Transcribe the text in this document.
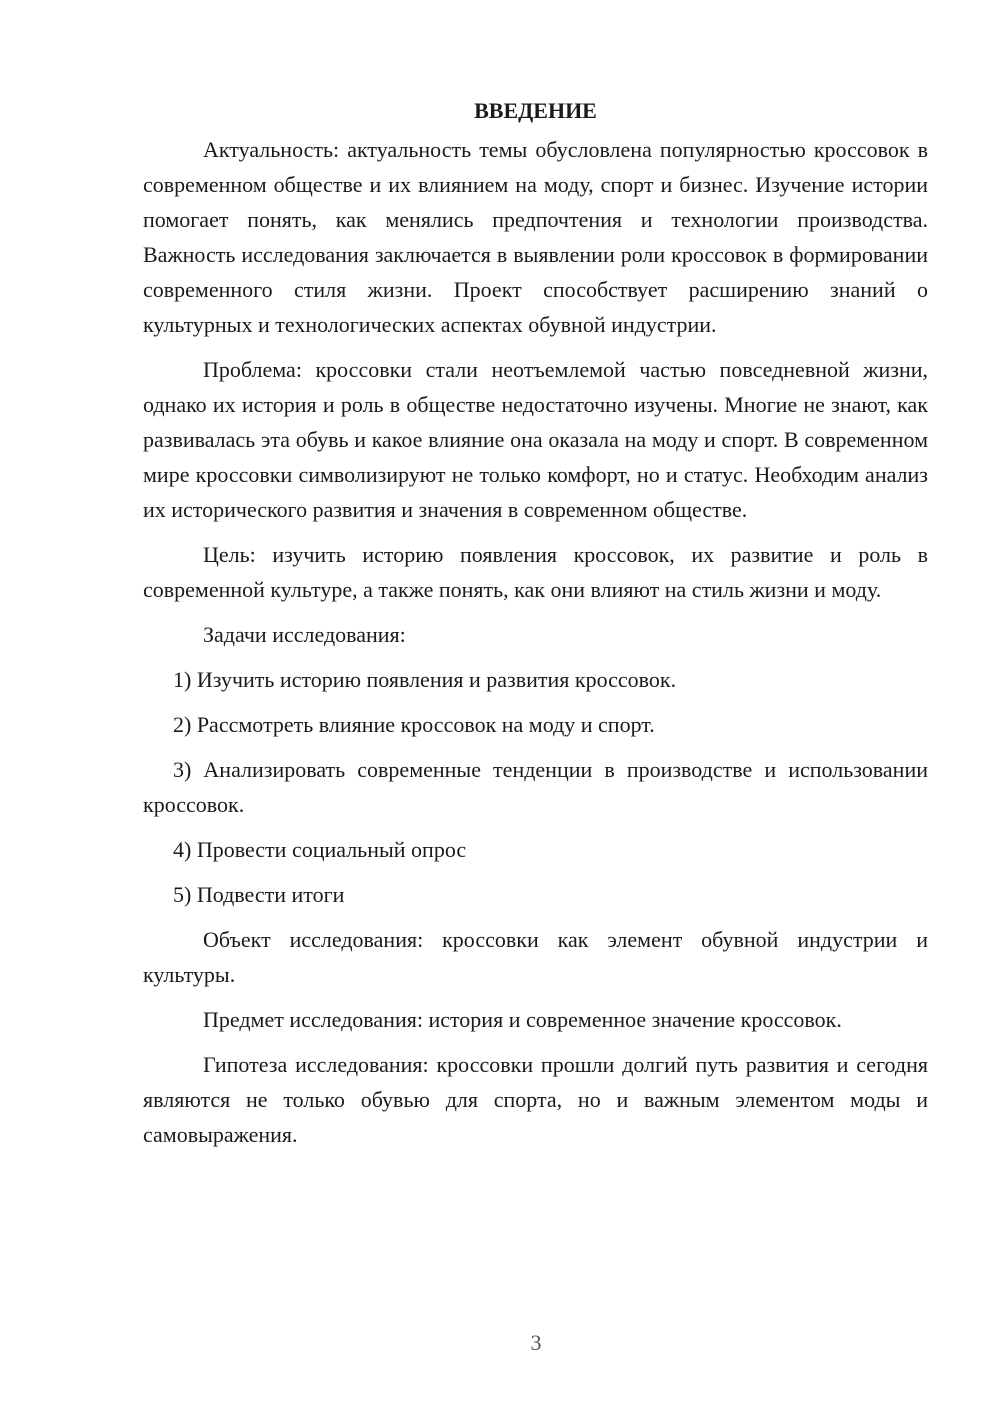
ВВЕДЕНИЕ

Актуальность: актуальность темы обусловлена популярностью кроссовок в современном обществе и их влиянием на моду, спорт и бизнес. Изучение истории помогает понять, как менялись предпочтения и технологии производства. Важность исследования заключается в выявлении роли кроссовок в формировании современного стиля жизни. Проект способствует расширению знаний о культурных и технологических аспектах обувной индустрии.

Проблема: кроссовки стали неотъемлемой частью повседневной жизни, однако их история и роль в обществе недостаточно изучены. Многие не знают, как развивалась эта обувь и какое влияние она оказала на моду и спорт. В современном мире кроссовки символизируют не только комфорт, но и статус. Необходим анализ их исторического развития и значения в современном обществе.

Цель: изучить историю появления кроссовок, их развитие и роль в современной культуре, а также понять, как они влияют на стиль жизни и моду.

Задачи исследования:

1) Изучить историю появления и развития кроссовок.

2) Рассмотреть влияние кроссовок на моду и спорт.

3) Анализировать современные тенденции в производстве и использовании кроссовок.

4) Провести социальный опрос

5) Подвести итоги

Объект исследования: кроссовки как элемент обувной индустрии и культуры.

Предмет исследования: история и современное значение кроссовок.

Гипотеза исследования: кроссовки прошли долгий путь развития и сегодня являются не только обувью для спорта, но и важным элементом моды и самовыражения.

3
